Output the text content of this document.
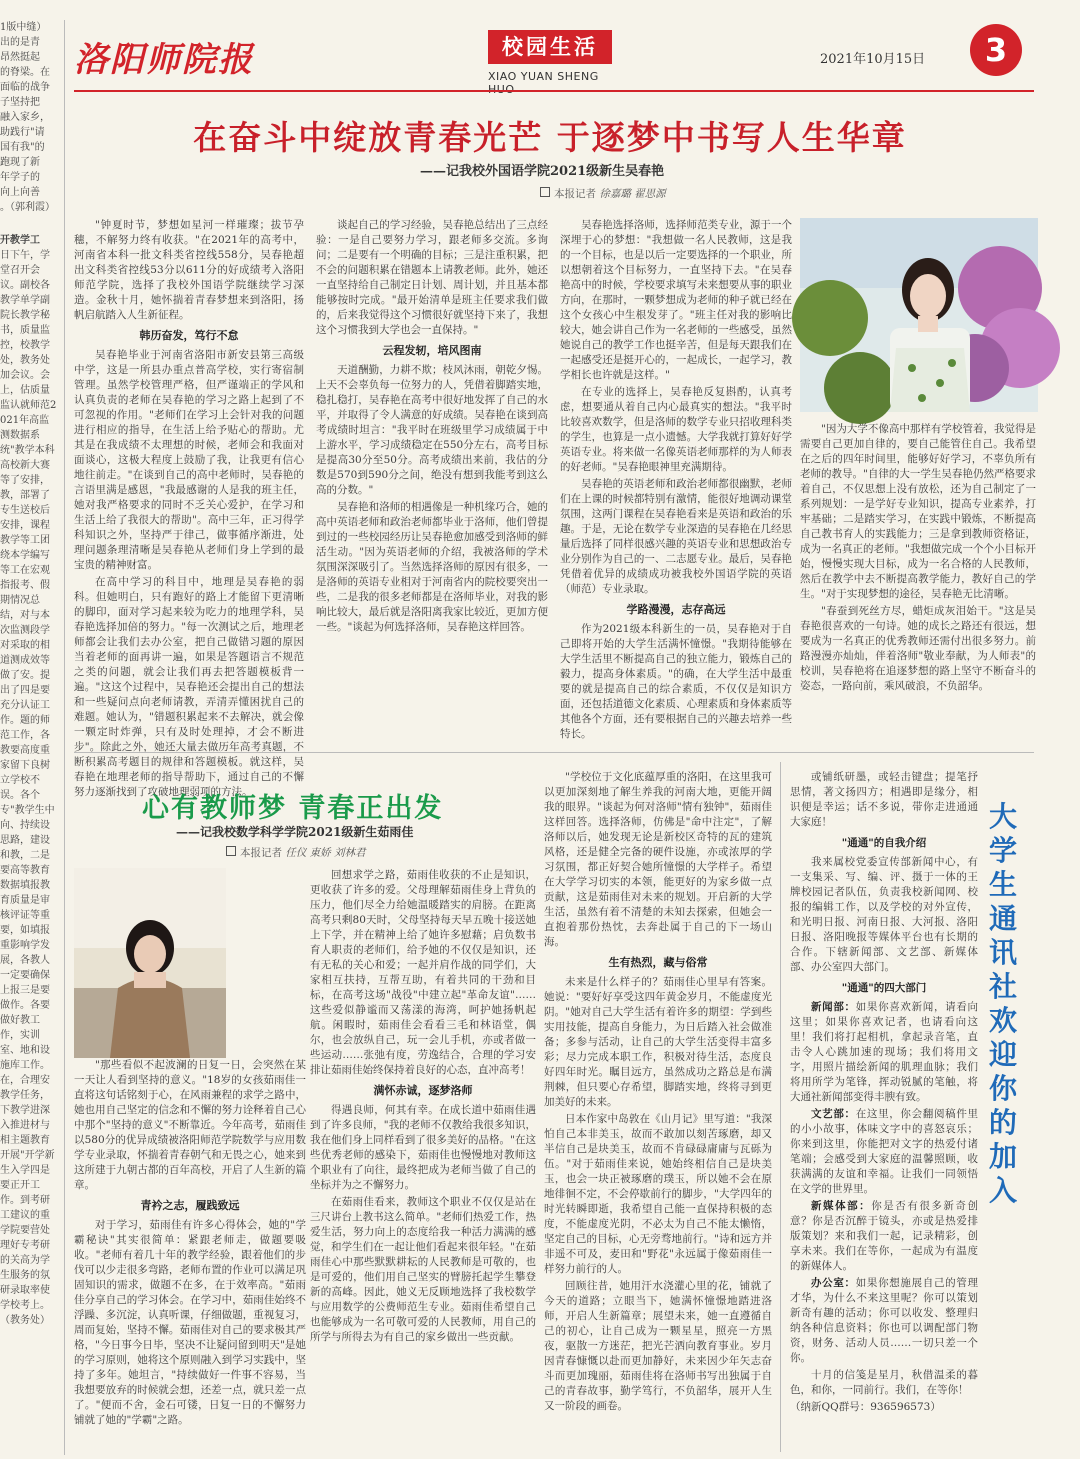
1版中缝）
出的是青
昂然挺起
的脊梁。在
面临的战争
子坚持把
融入家乡，
助践行"请
国有我"的
跑现了新
年学子的
向上向善
。（郭利霞）

开教学工

日下午，学堂召开会议。副校各教学单学副院长教学秘书，质量监控，校教学处，教务处加会议。会上，估质量监认就师范2021年高监测数据系统"教学本科高校新大赛等了安排，教，部署了专生送校后安排，课程教学等工团绕本学编写等工在宏观指报考、假期情况总结，对与本次监测段学对采取的相道测成效等做了安。提出了四是要充分认证工作。题的师范工作，各教要高度重家留下良树立学校不误。各个专"教学生中向、持续设思路，建设和教，二是要高等教育数据填报教育质量是审核评证等重要，如填报重影响学发展，各教人一定要确保上报三是要做作。各要做好教工作，实训室、地和设施库工作。在，合理安教学任务，下教学进深入推进材与相主题教育开展"开学新生入学四是要正开工作。到考研工建议的重学院要营处理好专考研的关高为学生服务的氛研录取率使学校考上。（教务处）

洛阳师院报	校园生活
XIAO YUAN SHENG HUO
2021年10月15日	3
在奋斗中绽放青春光芒 于逐梦中书写人生华章
——记我校外国语学院2021级新生吴春艳
本报记者 徐嘉璐 翟思源

"钟夏时节，梦想如星河一样璀璨；拔节孕穗，不解努力终有收获。"在2021年的高考中，河南省本科一批文科类省控线558分，吴春艳超出文科类省控线53分以611分的好成绩考入洛阳师范学院，选择了我校外国语学院继续学习深造。金秋十月，她怀揣着青春梦想来到洛阳，扬帆启航踏入人生新征程。

韩历奋发，笃行不怠

吴春艳毕业于河南省洛阳市新安县第三高级中学，这是一所县办重点普高学校，实行寄宿制管理。虽然学校管理严格，但严谨端正的学风和认真负责的老师在吴春艳的学习之路上起到了不可忽视的作用。"老师们在学习上会针对我的问题进行相应的指导，在生活上给予贴心的帮助。尤其是在我成绩不太理想的时候，老师会和我面对面谈心，这极大程度上鼓励了我，让我更有信心地往前走。"在谈到自己的高中老师时，吴春艳的言语里满是感恩，"我最感谢的人是我的班主任，她对我严格要求的同时不乏关心爱护，在学习和生活上给了我很大的帮助"。高中三年，正习得学科知识之外，坚持严于律己，做事循序渐进，处理问题条理清晰是吴春艳从老师们身上学到的最宝贵的精神财富。

在高中学习的科目中，地理是吴春艳的弱科。但她明白，只有跑好的路上才能留下更清晰的脚印，面对学习起来较为吃力的地理学科，吴春艳选择加倍的努力。"每一次测试之后，地理老师都会让我们去办公室，把自己做错习题的原因当着老师的面再讲一遍，如果是答题语言不规范之类的问题，就会让我们再去把答题模板背一遍。"这这个过程中，吴春艳还会提出自己的想法和一些疑问点向老师请教，弄清弄懂困扰自己的难题。她认为，"错题积累起来不去解决，就会像一颗定时炸弹，只有及时处理掉，才会不断进步"。除此之外，她还大量去做历年高考真题，不断积累高考题目的规律和答题模板。就这样，吴春艳在地理老师的指导帮助下，通过自己的不懈努力逐渐找到了攻破地理弱项的方法。

谈起自己的学习经验，吴春艳总结出了三点经验：一是自己要努力学习，跟老师多交流。多询问；二是要有一个明确的目标；三是注重积累，把不会的问题积累在错题本上请教老师。此外，她还一直坚持给自己制定日计划、周计划，并且基本都能够按时完成。"最开始清单是班主任要求我们做的，后来我觉得这个习惯很好就坚持下来了，我想这个习惯我到大学也会一直保持。"

云程发轫，培风图南

天道酬勤，力耕不欺；枝风沐雨，朝乾夕惕。上天不会辜负每一位努力的人，凭借着脚踏实地，稳扎稳打，吴春艳在高考中很好地发挥了自己的水平，并取得了令人满意的好成绩。吴春艳在谈到高考成绩时坦言："我平时在班级里学习成绩属于中上游水平，学习成绩稳定在550分左右，高考目标是提高30分至50分。高考成绩出来前，我估的分数是570到590分之间，绝没有想到我能考到这么高的分数。"

吴春艳和洛师的相遇像是一种机缘巧合，她的高中英语老师和政治老师都毕业于洛师，他们曾提到过的一些校园经历让吴春艳愈加感受到洛师的鲜活生动。"因为英语老师的介绍，我被洛师的学术氛围深深吸引了。当然选择洛师的原因有很多，一是洛师的英语专业相对于河南省内的院校要突出一些，二是我的很多老师都是在洛师毕业，对我的影响比较大，最后就是洛阳离我家比较近，更加方便一些。"谈起为何选择洛师，吴春艳这样回答。

吴春艳选择洛师，选择师范类专业，源于一个深埋于心的梦想："我想做一名人民教师，这是我的一个目标，也是以后一定要选择的一个职业，所以想朝着这个目标努力，一直坚持下去。"在吴春艳高中的时候，学校要求填写未来想要从事的职业方向，在那时，一颗梦想成为老师的种子就已经在这个女孩心中生根发芽了。"班主任对我的影响比较大，她会讲自己作为一名老师的一些感受，虽然她说自己的教学工作也挺辛苦，但是每天跟我们在一起感受还是挺开心的，一起成长，一起学习，教学相长也许就是这样。"

在专业的选择上，吴春艳反复斟酌，认真考虑，想要通从着自己内心最真实的想法。"我平时比较喜欢数学，但是洛师的数学专业只招收理科类的学生，也算是一点小遗憾。大学我就打算好好学英语专业。将来做一名像英语老师那样的为人师表的好老师。"吴春艳眼神里充满期待。

吴春艳的英语老师和政治老师都很幽默，老师们在上课的时候都特别有激情，能很好地调动课堂氛围，这两门课程在吴春艳看来是英语和政治的乐趣。于是，无论在数学专业深造的吴春艳在几经思量后选择了同样很感兴趣的英语专业和思想政治专业分别作为自己的一、二志愿专业。最后，吴春艳凭借着优异的成绩成功被我校外国语学院的英语（师范）专业录取。

学路漫漫，志存高远

作为2021级本科新生的一员，吴春艳对于自己即将开始的大学生活满怀憧憬。"我期待能够在大学生活里不断提高自己的独立能力，锻炼自己的毅力，提高身体素质。"的确，在大学生活中最重要的就是提高自己的综合素质，不仅仅是知识方面，还包括道德文化素质、心理素质和身体素质等其他各个方面，还有要根据自己的兴趣去培养一些特长。

"因为大学不像高中那样有学校管着，我觉得是需要自己更加自律的，要自己能管住自己。我希望在之后的四年时间里，能够好好学习，不辜负所有老师的教导。"自律的大一学生吴春艳仍然严格要求着自己，不仅思想上没有放松，还为自己制定了一系列规划：一是学好专业知识，提高专业素养，打牢基础；二是踏实学习，在实践中锻炼，不断提高自己教书育人的实践能力；三是拿到教师资格证，成为一名真正的老师。"我想做完成一个个小目标开始，慢慢实现大目标，成为一名合格的人民教师，然后在教学中去不断提高教学能力，教好自己的学生。"对于实现梦想的途径，吴春艳无比清晰。

"春蚕到死丝方尽，蜡炬成灰泪始干。"这是吴春艳很喜欢的一句诗。她的成长之路还有很远，想要成为一名真正的优秀教师还需付出很多努力。前路漫漫亦灿灿，伴着洛师"敬业奉献，为人师表"的校训，吴春艳将在追逐梦想的路上坚守不断奋斗的姿态，一路向前，乘风破浪，不负韶华。

心有教师梦 青春正出发
——记我校数学科学学院2021级新生茹雨佳
本报记者 任仪 東娇 刘林君

"那些看似不起波澜的日复一日，会突然在某一天让人看到坚持的意义。"18岁的女孩茹雨佳一直将这句话铭刻于心，在风雨兼程的求学之路中，她也用自己坚定的信念和不懈的努力诠释着自己心中那个"坚持的意义"不断靠近。今年高考，茹雨佳以580分的优异成绩被洛阳师范学院数学与应用数学专业录取，怀揣着青春朝气和无畏之心，她来到这所建于九朝古都的百年高校，开启了人生新的篇章。

青衿之志，履践致远

对于学习，茹雨佳有许多心得体会，她的"学霸秘诀"其实很简单：紧跟老师走，做题要吸收。"老师有着几十年的教学经验，跟着他们的步伐可以少走很多弯路，老师布置的作业可以满足巩固知识的需求，做题不在多，在于效率高。"茹雨佳分享自己的学习体会。在学习中，茹雨佳始终不浮躁、多沉淀，认真听课，仔细做题，重视复习，周而复始，坚持不懈。茹雨佳对自己的要求极其严格，"今日事今日毕，坚决不让疑问留到明天"是她的学习原则，她将这个原则融入到学习实践中，坚持了多年。她坦言，"持续做好一件事不容易，当我想要放弃的时候就会想，还差一点，就只差一点了。"便而不舍，金石可镂，日复一日的不懈努力铺就了她的"学霸"之路。

回想求学之路，茹雨佳收获的不止是知识，更收获了许多的爱。父母理解茹雨佳身上背负的压力，他们尽全力给她温暖踏实的肩膀。在距离高考只剩80天时，父母坚持每天早五晚十接送她上下学，并在精神上给了她许多慰藉；启负数书育人职责的老师们，给予她的不仅仅是知识，还有无私的关心和爱；一起并肩作战的同学们，大家相互扶持，互帮互助，有着共同的干劲和目标，在高考这场"战役"中建立起"革命友谊"……这些爱似静谧而又荡漾的海湾，呵护她扬帆起航。闲暇时，茹雨佳会看看三毛和林语堂，偶尔，也会放纵自己，玩一会儿手机，亦或者做一些运动……张弛有度，劳逸结合，合理的学习安排让茹雨佳始终保持着良好的心态，直冲高考！

满怀赤诚，逐梦洛师

得遇良师，何其有幸。在成长道中茹雨佳遇到了许多良师，"我的老师不仅教给我很多知识，我在他们身上同样看到了很多美好的品格。"在这些优秀老师的感染下，茹雨佳也慢慢地对教师这个职业有了向往，最终把成为老师当做了自己的坐标并为之不懈努力。

在茹雨佳看来，教师这个职业不仅仅是站在三尺讲台上教书这么简单。"老师们热爱工作，热爱生活，努力向上的态度给我一种活力满满的感觉，和学生们在一起让他们看起来很年轻。"在茹雨佳心中那些默默耕耘的人民教师是可敬的，也是可爱的，他们用自己坚实的臂膀托起学生攀登新的高峰。因此，她义无反顾地选择了我校数学与应用数学的公费师范生专业。茹雨佳希望自己也能够成为一名可敬可爱的人民教师，用自己的所学与所得去为有自己的家乡做出一些贡献。

"学校位于文化底蕴厚重的洛阳，在这里我可以更加深刻地了解生养我的河南大地，更能开阔我的眼界。"谈起为何对洛师"情有独钟"，茹雨佳这样回答。选择洛师，仿佛是"命中注定"，了解洛师以后，她发现无论是新校区奇特的瓦的建筑风格，还是健全完备的硬件设施，亦或浓厚的学习氛围，都正好契合她所憧憬的大学样子。希望在大学学习切实的本领，能更好的为家乡做一点贡献，这是茹雨佳对未来的规划。开启新的大学生活，虽然有着不清楚的未知去探索，但她会一直抱着那份热忱，去奔赴属于自己的下一场山海。

生有热烈，藏与俗常

未来是什么样子的？茹雨佳心里早有答案。她说："要好好享受这四年黄金岁月，不能虚度光阴。"她对自己大学生活有着许多的期望：学到些实用技能，提高自身能力，为日后踏入社会做准备；多参与活动，让自己的大学生活变得丰富多彩；尽力完成本职工作，积极对待生活，态度良好四年时光。瞩目远方，虽然成功之路总是布满荆棘，但只要心存希望，脚踏实地，终将寻到更加美好的未来。

日本作家中岛敦在《山月记》里写道："我深怕自己本非美玉，故而不敢加以刻苦琢磨，却又半信自己是块美玉，故而不肯碌碌庸庸与瓦砾为伍。"对于茹雨佳来说，她始终相信自己是块美玉，也会一块正被琢磨的璞玉，所以她不会在原地徘徊不定，不会停歇前行的脚步，"大学四年的时光转瞬即逝，我希望自己能一直保持积极的态度，不能虚度光阴，不必太为自己不能太懒惰，坚定自己的目标，心无旁骛地前行。"诗和远方并非遥不可及，麦田和"野花"永远属于像茹雨佳一样努力前行的人。

回顾往昔，她用汗水浇灌心里的花，铺就了今天的道路；立眼当下，她满怀憧憬地踏进洛师，开启人生新篇章；展望未来，她一直遵循自己的初心，让自己成为一颗星星，照亮一方黑夜，驱散一方迷茫，把光芒洒向教育事业。岁月因青春慷慨以赴而更加静好，未来因少年矢志奋斗而更加瑰丽，茹雨佳将在洛师书写出独属于自己的青春故事，勤学笃行，不负韶华，展开人生又一阶段的画卷。

或铺纸研墨，或轻击键盘；提笔抒思情，著文扬四方；相遇即是缘分，相识便是幸运；话不多说，带你走进通通大家庭！

"通通"的自我介绍

我来属校党委宣传部新闻中心，有一支集采、写、编、评、摄于一体的王牌校园记者队伍，负责我校新闻网、校报的编辑工作，以及学校的对外宣传，和光明日报、河南日报、大河报、洛阳日报、洛阳晚报等媒体平台也有长期的合作。下辖新闻部、文艺部、新媒体部、办公室四大部门。

"通通"的四大部门

新闻部：如果你喜欢新闻，请看向这里；如果你喜欢记者，也请看向这里！我们将打起相机，拿起录音笔，直击令人心跳加速的现场；我们将用文字，用照片描绘新闻的肌理血脉；我们将用所学为笔锋，挥动锐腻的笔触，将大通社新闻部变得丰腴有致。

文艺部：在这里，你会翻阅稿件里的小小故事，体味文字中的喜怒哀乐；你来到这里，你能把对文字的热爱付诸笔端；会感受到大家庭的温馨照顾，收获满满的友谊和幸福。让我们一同领悟在文学的世界里。

新媒体部：你是否有很多新奇创意？你是否沉醉于镜头，亦或是热爱排版策划？来和我们一起，记录精彩，创享未来。我们在等你，一起成为有温度的新媒体人。

办公室：如果你想施展自己的管理才华，为什么不来这里呢？你可以策划新奇有趣的活动；你可以收发、整理归纳各种信息资料；你也可以调配部门物资，财务、活动人员……一切只差一个你。

十月的信笺是星月，秋借温柔的暮色，和你，一同前行。我们，在等你！

（纳新QQ群号：936596573）

大学生通讯社欢迎你的加入
